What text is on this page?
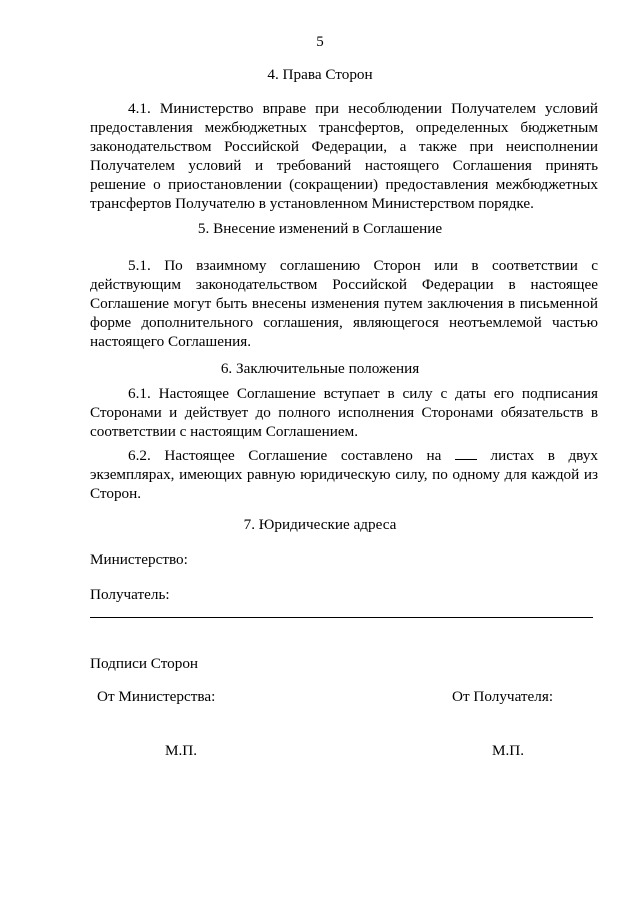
5
4. Права Сторон
4.1. Министерство вправе при несоблюдении Получателем условий предоставления межбюджетных трансфертов, определенных бюджетным законодательством Российской Федерации, а также при неисполнении Получателем условий и требований настоящего Соглашения принять решение о приостановлении (сокращении) предоставления межбюджетных трансфертов Получателю в установленном Министерством порядке.
5. Внесение изменений в Соглашение
5.1. По взаимному соглашению Сторон или в соответствии с действующим законодательством Российской Федерации в настоящее Соглашение могут быть внесены изменения путем заключения в письменной форме дополнительного соглашения, являющегося неотъемлемой частью настоящего Соглашения.
6. Заключительные положения
6.1. Настоящее Соглашение вступает в силу с даты его подписания Сторонами и действует до полного исполнения Сторонами обязательств в соответствии с настоящим Соглашением.
6.2. Настоящее Соглашение составлено на	листах в двух экземплярах, имеющих равную юридическую силу, по одному для каждой из Сторон.
7. Юридические адреса
Министерство:
Получатель:
Подписи Сторон
От Министерства:	От Получателя:
М.П.	М.П.
